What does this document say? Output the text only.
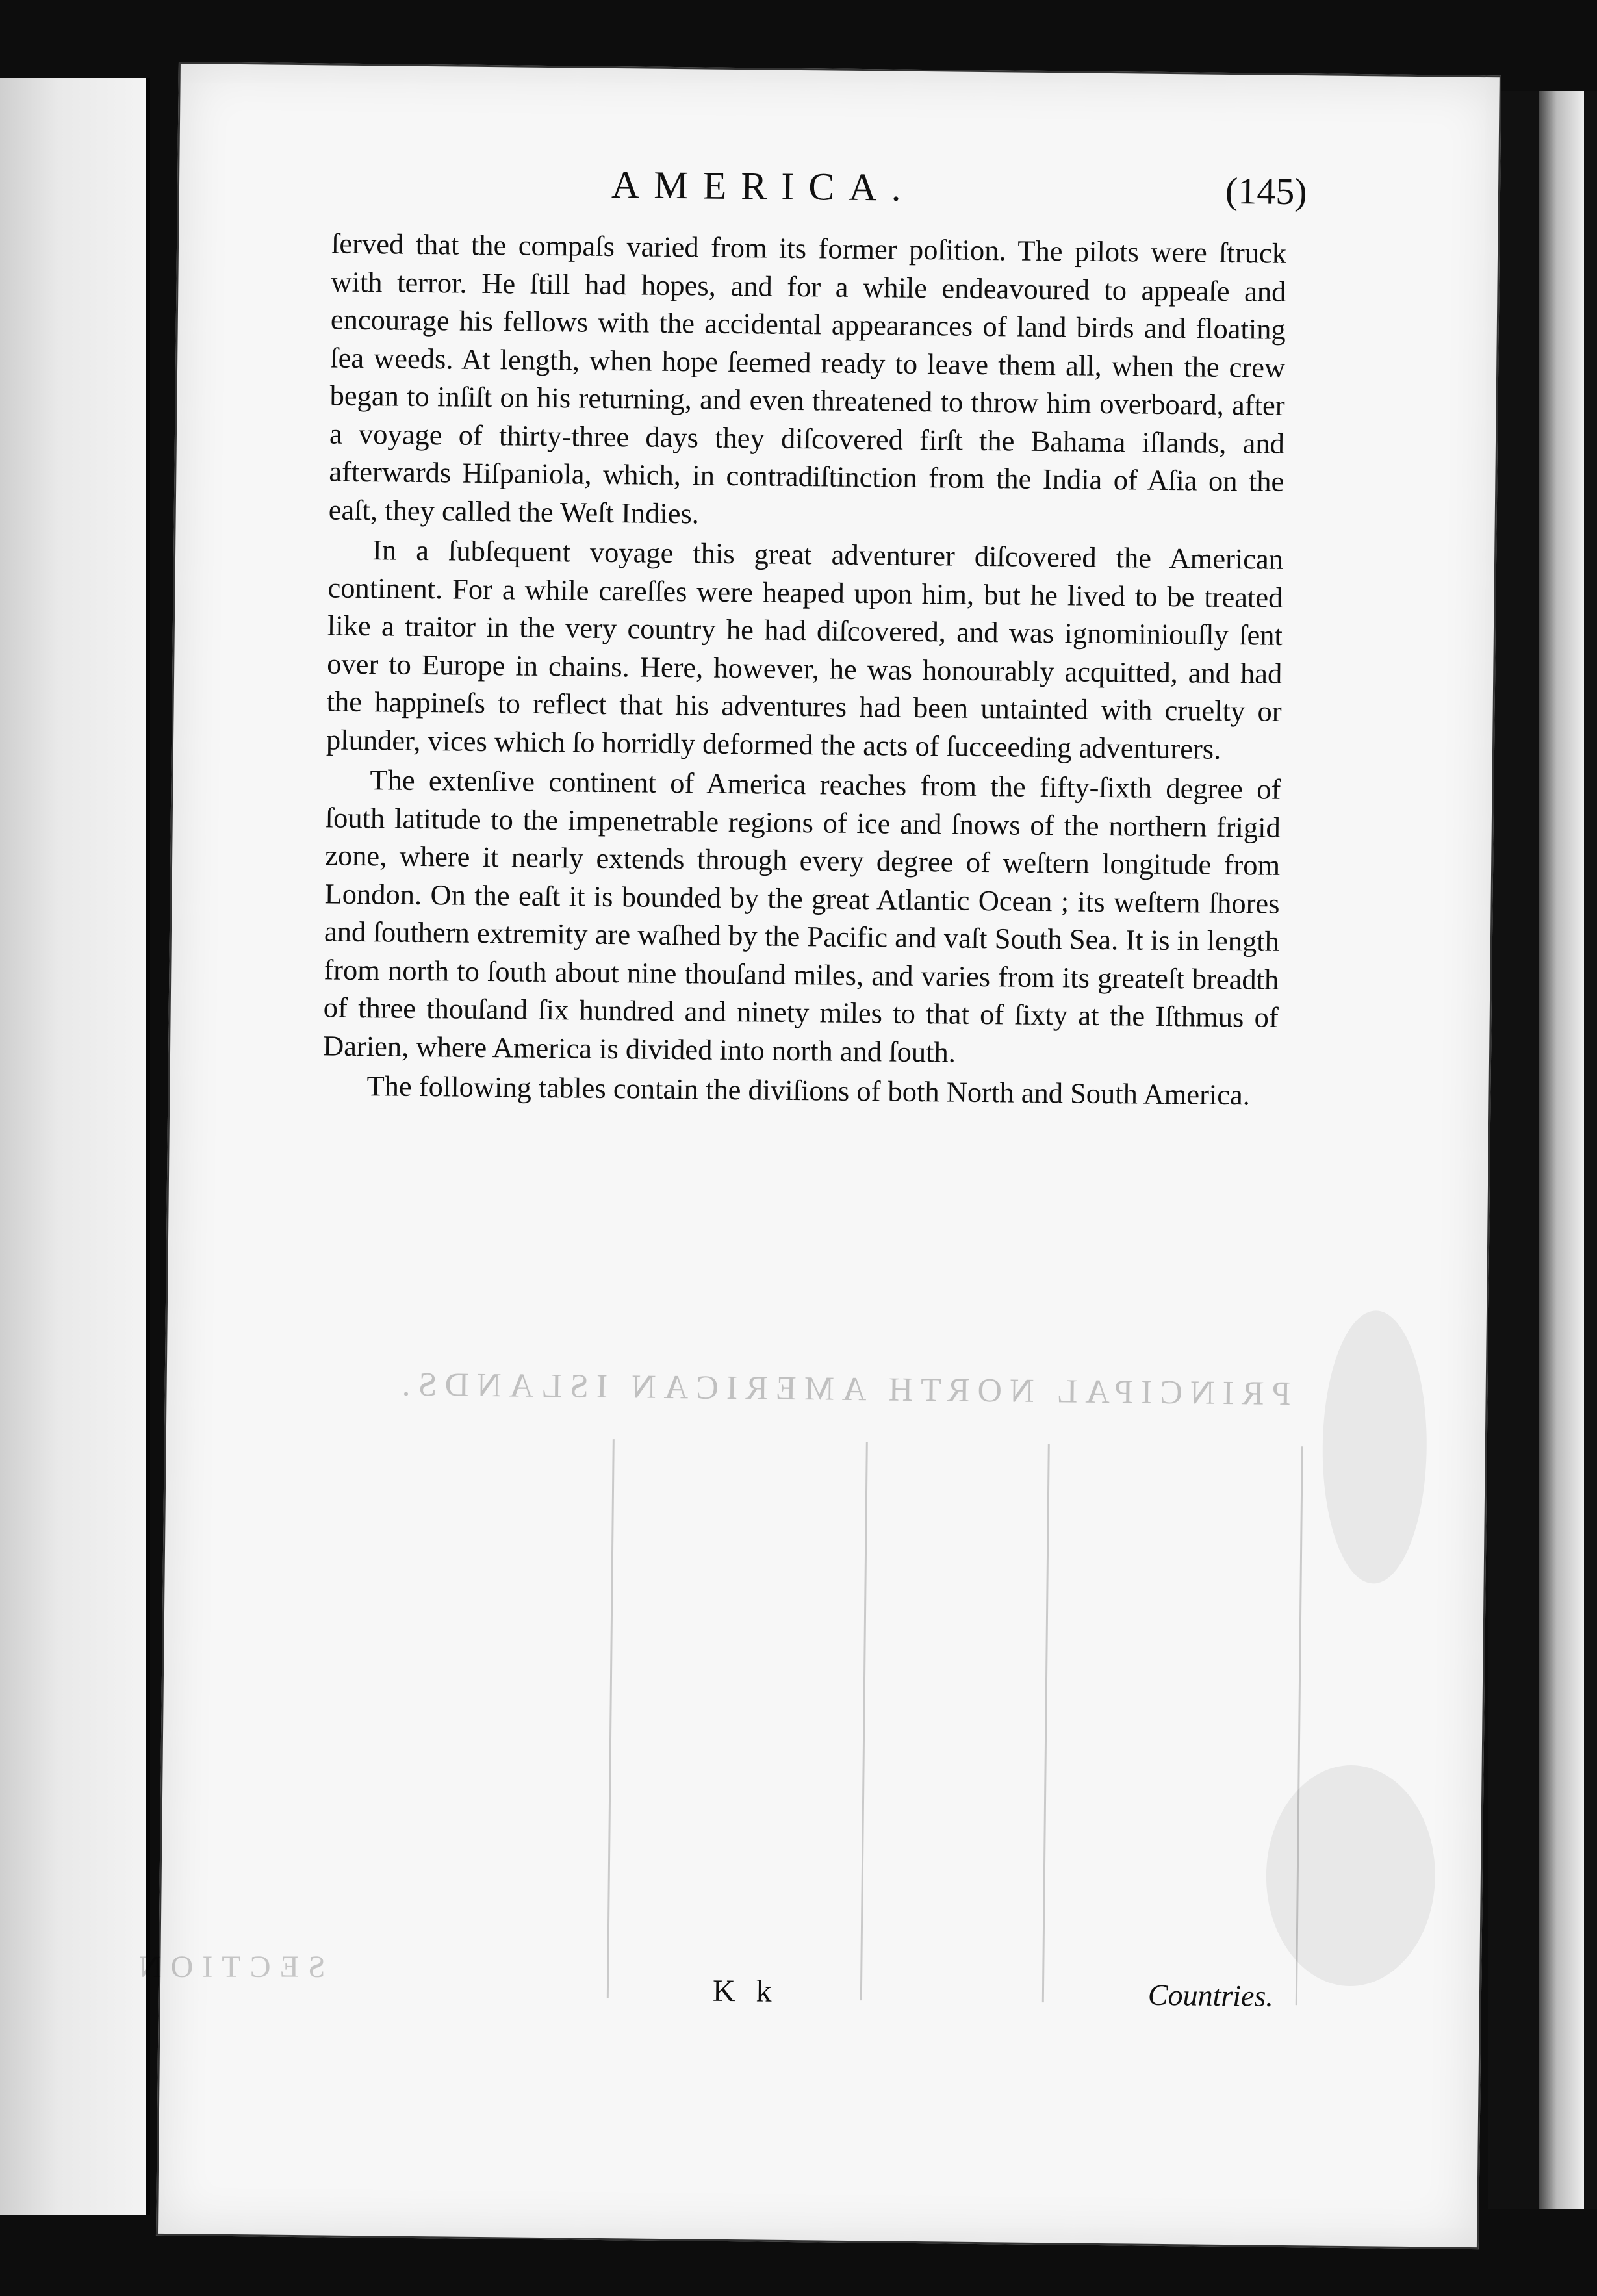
AMERICA.	(145)

ſerved that the compaſs varied from its former poſition. The pilots were ſtruck with terror. He ſtill had hopes, and for a while endeavoured to appeaſe and encourage his fellows with the accidental appearances of land birds and floating ſea weeds. At length, when hope ſeemed ready to leave them all, when the crew began to inſiſt on his returning, and even threatened to throw him overboard, after a voyage of thirty-three days they diſcovered firſt the Bahama iſlands, and afterwards Hiſpaniola, which, in contradiſtinction from the India of Aſia on the eaſt, they called the Weſt Indies.

In a ſubſequent voyage this great adventurer diſcovered the American continent. For a while careſſes were heaped upon him, but he lived to be treated like a traitor in the very country he had diſcovered, and was ignominiouſly ſent over to Europe in chains. Here, however, he was honourably acquitted, and had the happineſs to reflect that his adventures had been untainted with cruelty or plunder, vices which ſo horridly deformed the acts of ſucceeding adventurers.

The extenſive continent of America reaches from the fifty-ſixth degree of ſouth latitude to the impenetrable regions of ice and ſnows of the northern frigid zone, where it nearly extends through every degree of weſtern longitude from London. On the eaſt it is bounded by the great Atlantic Ocean ; its weſtern ſhores and ſouthern extremity are waſhed by the Pacific and vaſt South Sea. It is in length from north to ſouth about nine thouſand miles, and varies from its greateſt breadth of three thouſand ſix hundred and ninety miles to that of ſixty at the Iſthmus of Darien, where America is divided into north and ſouth.

The following tables contain the diviſions of both North and South America.

PRINCIPAL NORTH AMERICAN ISLANDS.
K k	Countries.
SECTION
